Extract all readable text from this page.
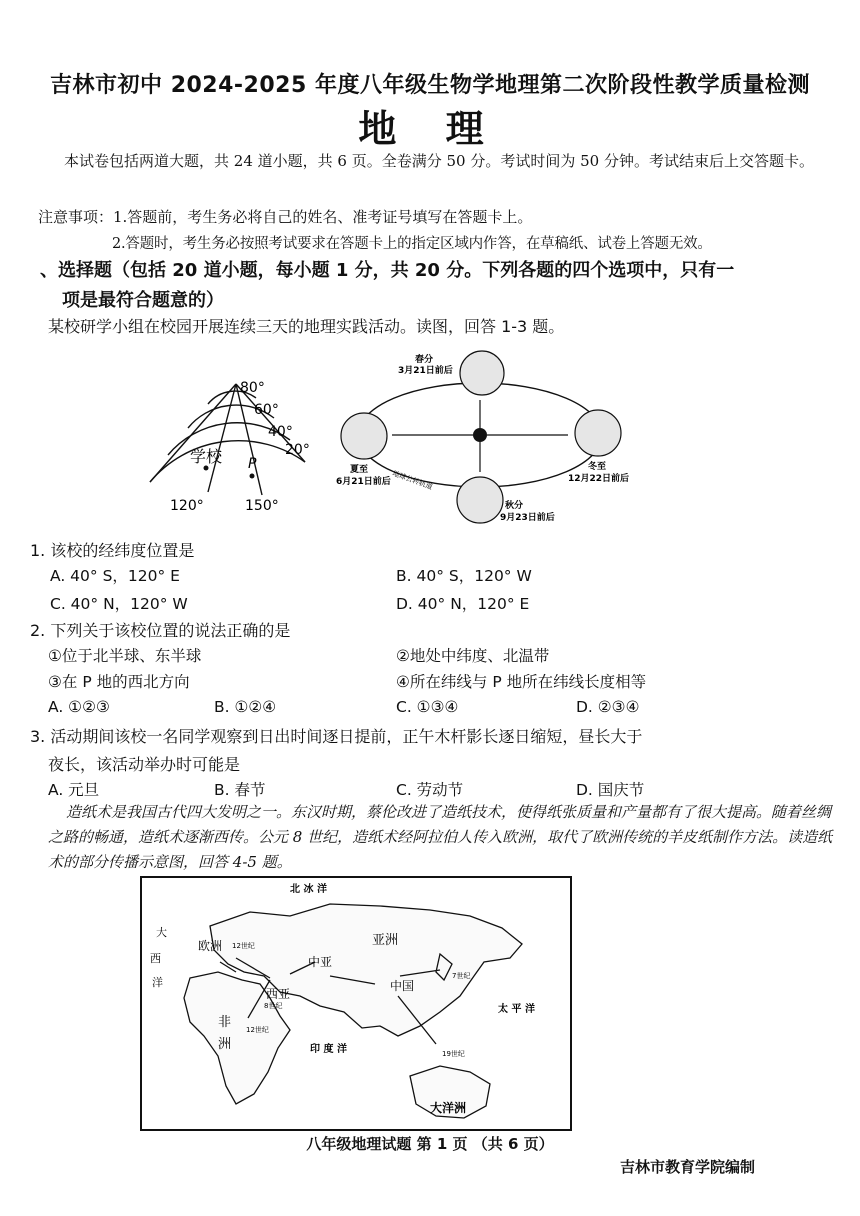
吉林市初中 2024-2025 年度八年级生物学地理第二次阶段性教学质量检测
地 理
本试卷包括两道大题，共 24 道小题，共 6 页。全卷满分 50 分。考试时间为 50 分钟。考试结束后上交答题卡。
注意事项：1.答题前，考生务必将自己的姓名、准考证号填写在答题卡上。
2.答题时，考生务必按照考试要求在答题卡上的指定区域内作答，在草稿纸、试卷上答题无效。
、选择题（包括 20 道小题，每小题 1 分，共 20 分。下列各题的四个选项中，只有一
项是最符合题意的）
某校研学小组在校园开展连续三天的地理实践活动。读图，回答 1-3 题。
80°
60°
40°
20°
学校 P
120°	150°
春分
3月21日前后
夏至
6月21日前后
冬至
12月22日前后
秋分
9月23日前后
地球公转轨道
1. 该校的经纬度位置是
A. 40° S，120° E	B. 40° S，120° W
C. 40° N，120° W	D. 40° N，120° E
2. 下列关于该校位置的说法正确的是
①位于北半球、东半球	②地处中纬度、北温带
③在 P 地的西北方向	④所在纬线与 P 地所在纬线长度相等
A. ①②③	B. ①②④	C. ①③④	D. ②③④
3. 活动期间该校一名同学观察到日出时间逐日提前，正午木杆影长逐日缩短，昼长大于
夜长，该活动举办时可能是
A. 元旦	B. 春节	C. 劳动节	D. 国庆节
造纸术是我国古代四大发明之一。东汉时期，蔡伦改进了造纸技术，使得纸张质量和产量都有了很大提高。随着丝绸之路的畅通，造纸术逐渐西传。公元 8 世纪，造纸术经阿拉伯人传入欧洲，取代了欧洲传统的羊皮纸制作方法。读造纸术的部分传播示意图，回答 4-5 题。
北 冰 洋
欧洲	亚洲
中亚
西亚
中国
非
洲
大
西
洋
太 平 洋
印 度 洋
大洋洲
12世纪
8世纪
7世纪
19世纪
12世纪
八年级地理试题 第 1 页 （共 6 页）
吉林市教育学院编制
